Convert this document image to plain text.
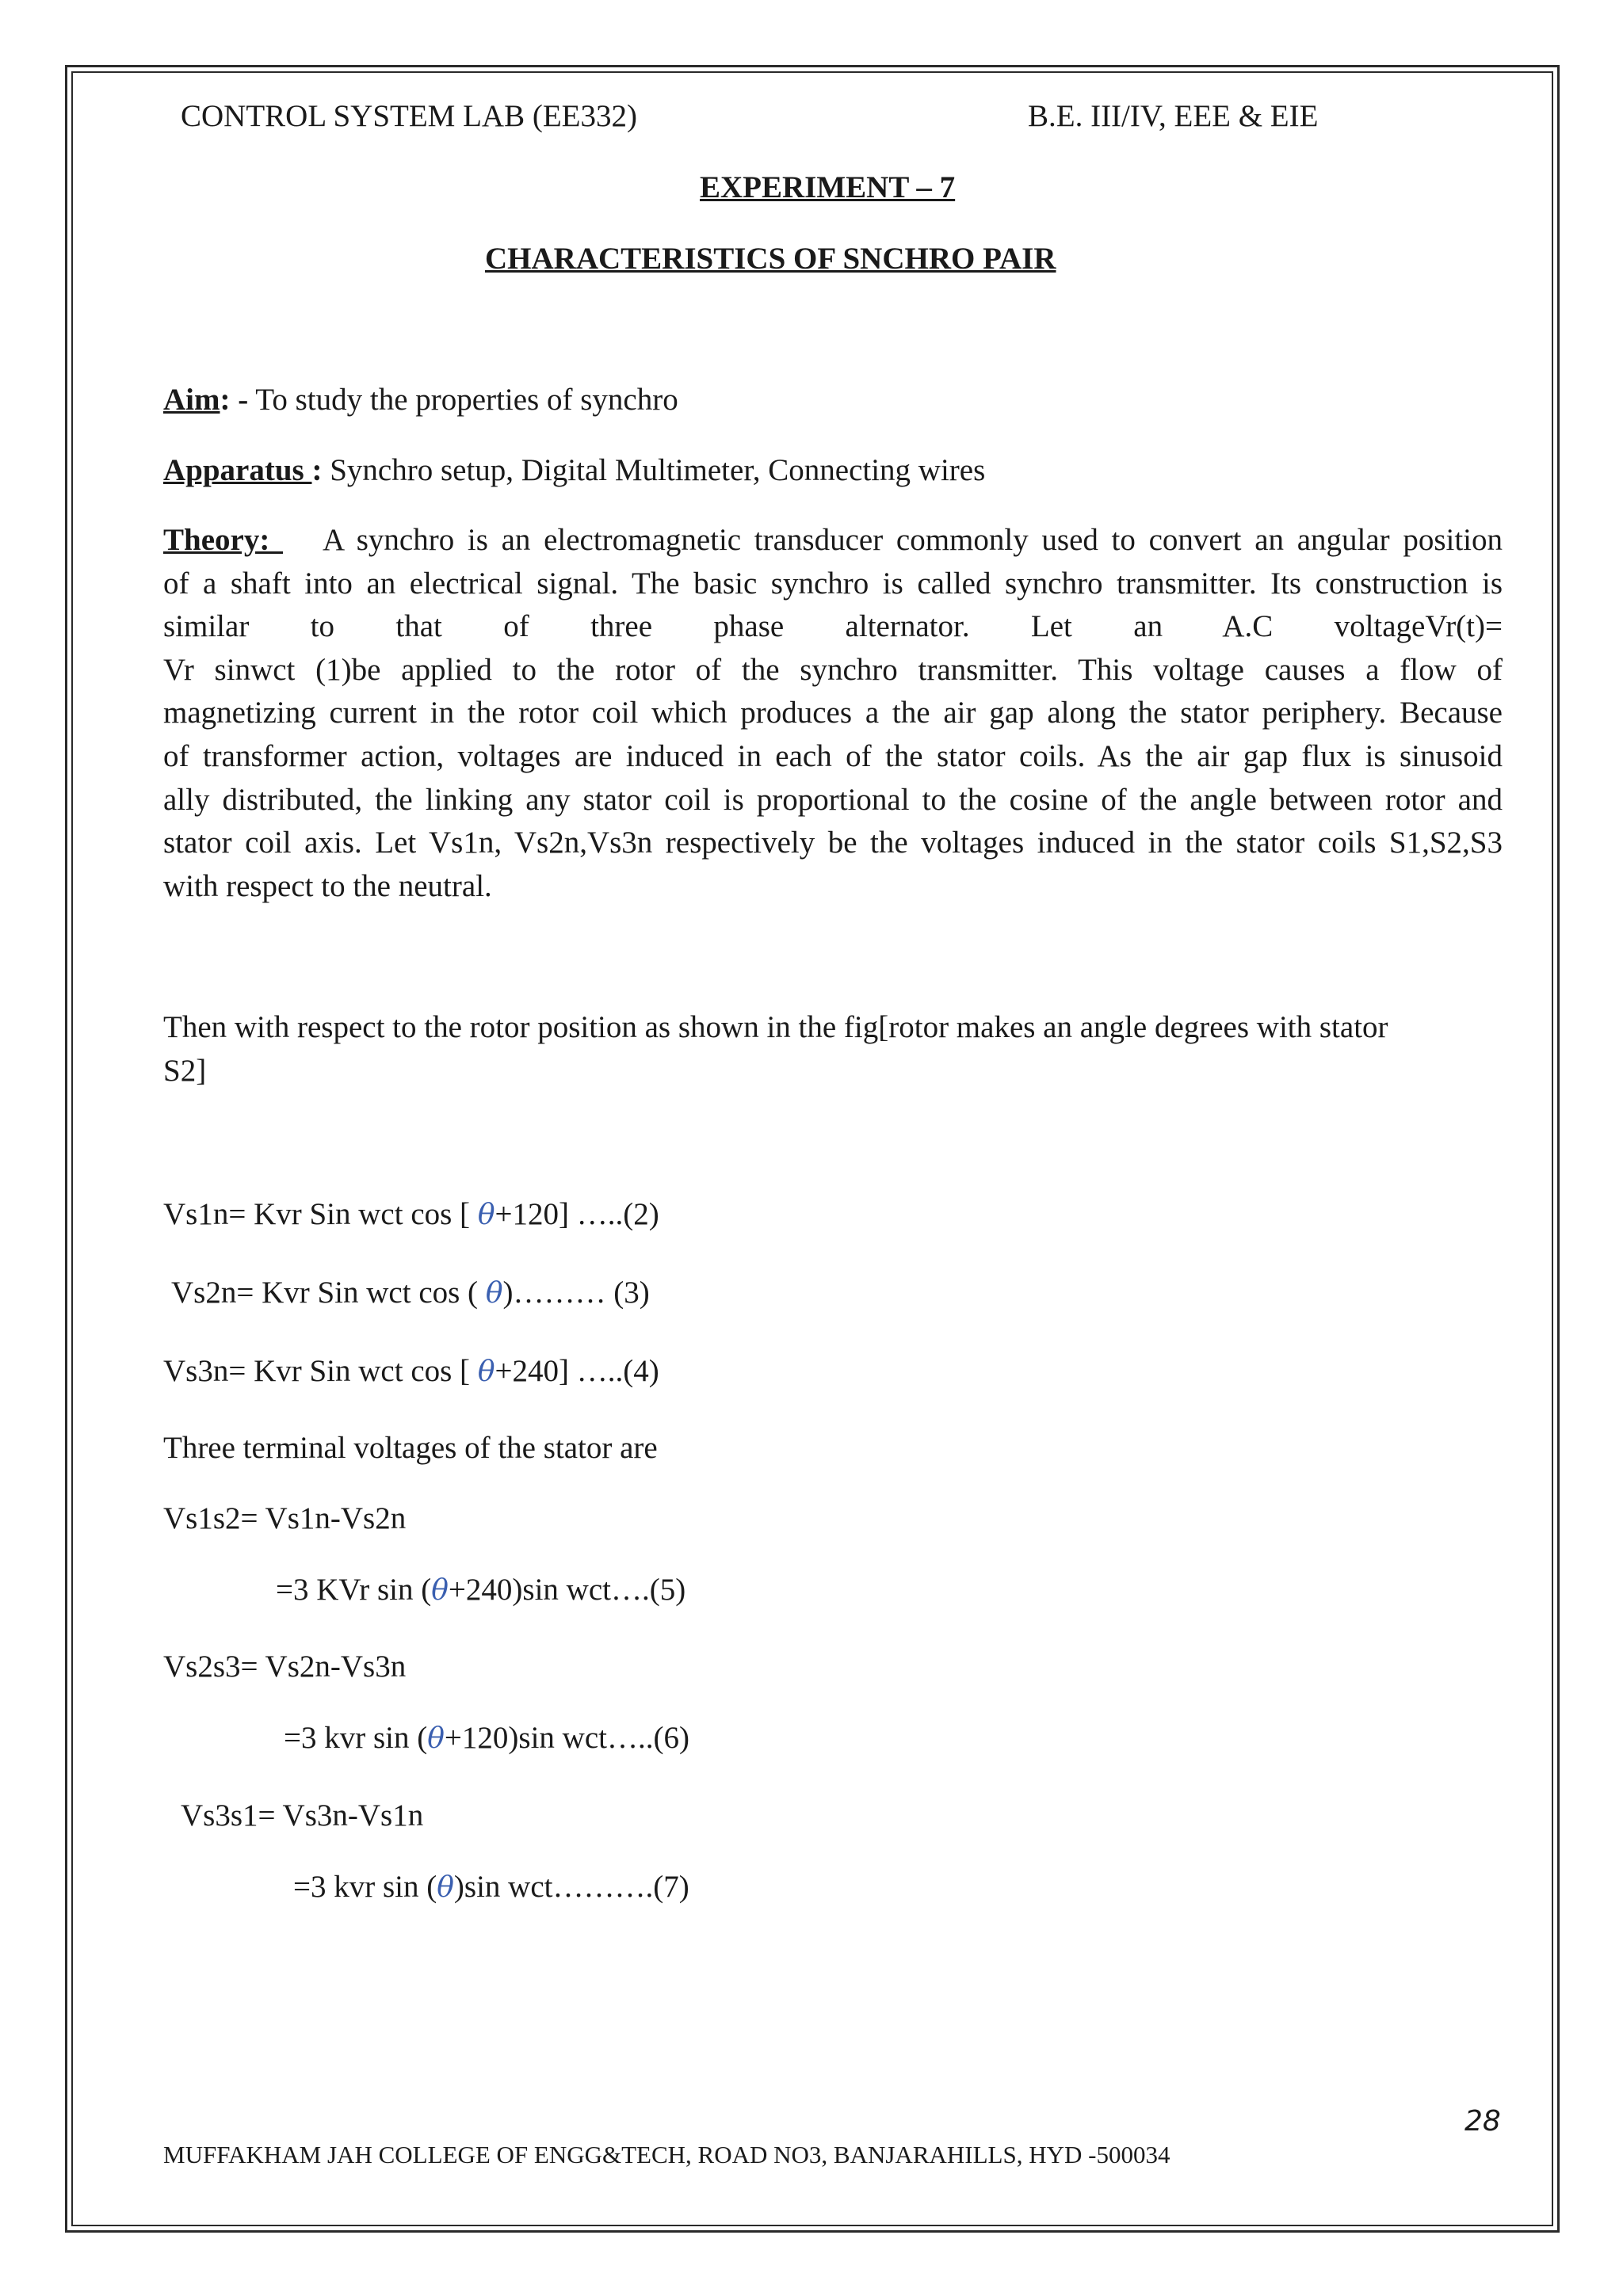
CONTROL SYSTEM LAB (EE332)	B.E. III/IV, EEE & EIE
EXPERIMENT – 7
CHARACTERISTICS OF SNCHRO PAIR
Aim: - To study the properties of synchro
Apparatus : Synchro setup, Digital Multimeter, Connecting wires
Theory:    A synchro is an electromagnetic transducer commonly used to convert an angular position
of a shaft into an electrical signal. The basic synchro is called synchro transmitter. Its construction is
similar to that of three phase alternator. Let an A.C voltage Vr(t)=
Vr sinwct (1)be applied to the rotor of the synchro transmitter. This voltage causes a flow of
magnetizing current in the rotor coil which produces a the air gap along the stator periphery. Because
of transformer action, voltages are induced in each of the stator coils. As the air gap flux is sinusoid
ally distributed, the linking any stator coil is proportional to the cosine of the angle between rotor and
stator coil axis. Let Vs1n, Vs2n,Vs3n respectively be the voltages induced in the stator coils S1,S2,S3
with respect to the neutral.
Then with respect to the rotor position as shown in the fig[rotor makes an angle degrees with stator
S2]
Vs1n= Kvr Sin wct cos [ θ+120] …..(2)
Vs2n= Kvr Sin wct cos ( θ)……… (3)
Vs3n= Kvr Sin wct cos [ θ+240] …..(4)
Three terminal voltages of the stator are
Vs1s2= Vs1n-Vs2n
=3 KVr sin (θ+240)sin wct….(5)
Vs2s3= Vs2n-Vs3n
=3 kvr sin (θ+120)sin wct…..(6)
Vs3s1= Vs3n-Vs1n
=3 kvr sin (θ)sin wct……….(7)
28
MUFFAKHAM JAH COLLEGE OF ENGG&TECH, ROAD NO3, BANJARAHILLS, HYD -500034
